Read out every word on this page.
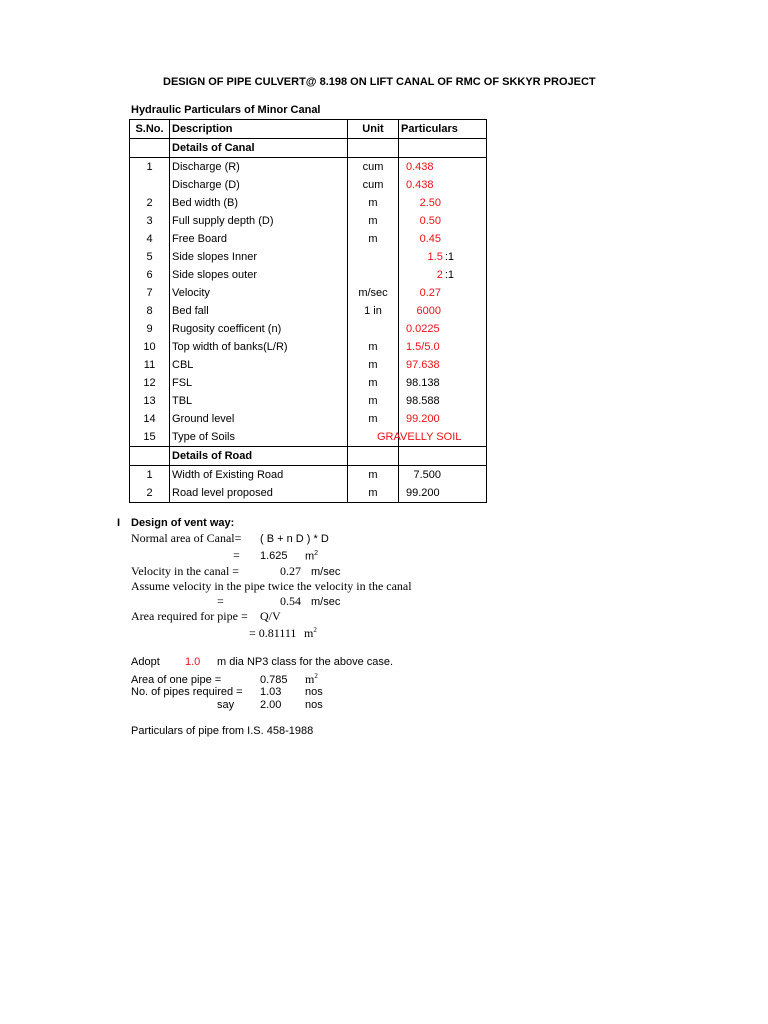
DESIGN OF PIPE CULVERT@ 8.198 ON LIFT CANAL OF RMC OF SKKYR PROJECT
Hydraulic Particulars of Minor Canal
S.No.	Description	Unit	Particulars
	Details of Canal		
1	Discharge (R)	cum	0.438
	Discharge (D)	cum	0.438
2	Bed width (B)	m	2.50
3	Full supply depth (D)	m	0.50
4	Free Board	m	0.45
5	Side slopes Inner		1.5 :1
6	Side slopes outer		2 :1
7	Velocity	m/sec	0.27
8	Bed fall	1 in	6000
9	Rugosity coefficent (n)		0.0225
10	Top width of banks(L/R)	m	1.5/5.0
11	CBL	m	97.638
12	FSL	m	98.138
13	TBL	m	98.588
14	Ground level	m	99.200
15	Type of Soils		GRAVELLY SOIL
	Details of Road		
1	Width of Existing Road	m	7.500
2	Road level proposed	m	99.200
I Design of vent way:
Normal area of Canal= ( B + n D ) * D
= 1.625 $m^2$
Velocity in the canal =	0.27 m/sec
Assume velocity in the pipe twice the velocity in the canal
=	0.54 m/sec
Area required for pipe = Q/V
= 0.81111 $m^2$
Adopt 1.0 m dia NP3 class for the above case.
Area of one pipe =	0.785 $m^2$
No. of pipes required = 1.03 nos
say 2.00 nos
Particulars of pipe from I.S. 458-1988
